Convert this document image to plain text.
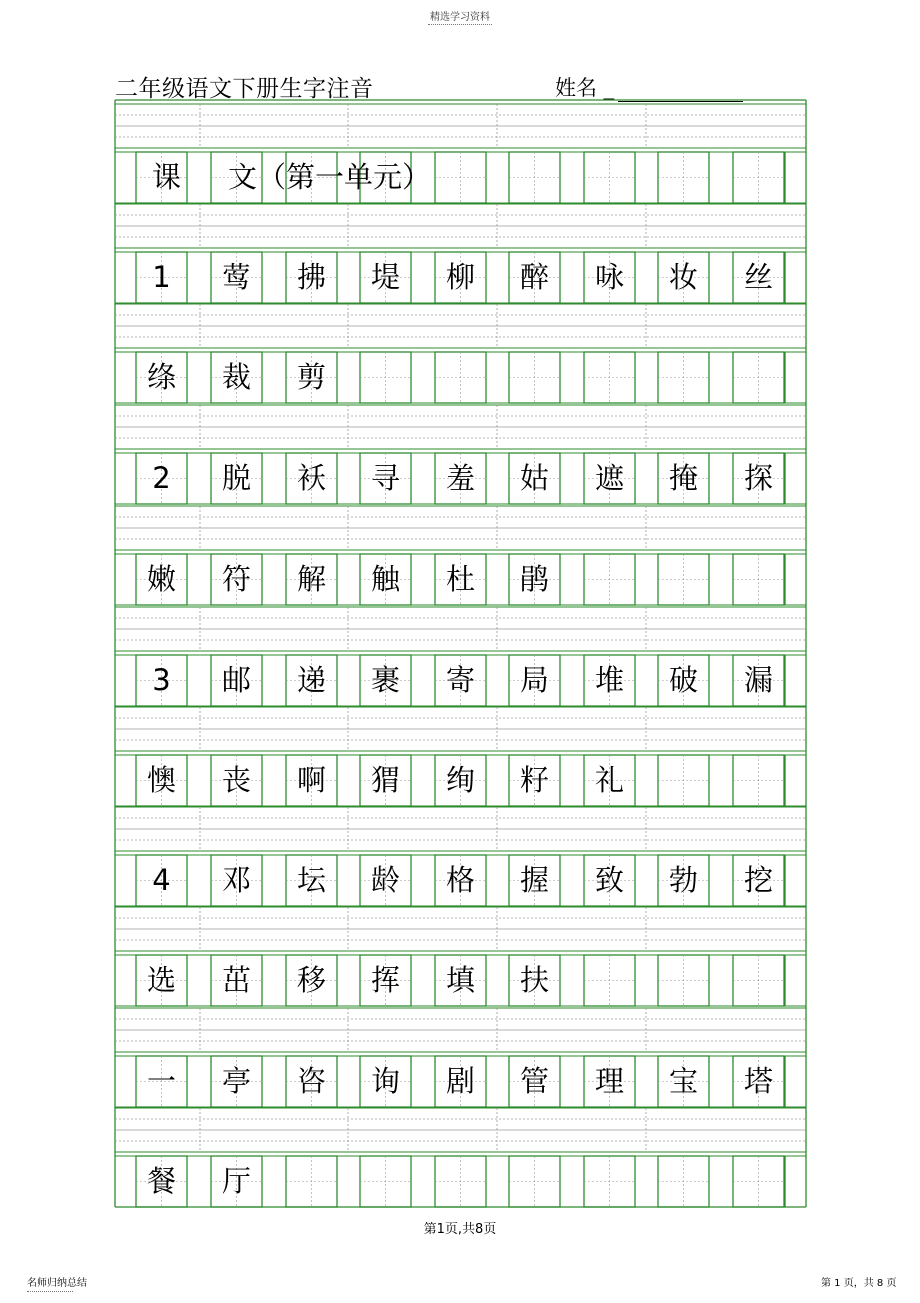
精选学习资料
二年级语文下册生字注音	姓名 _
课 文（第一单元）
1	莺	拂	堤	柳	醉	咏	妆	丝
绦	裁	剪
2	脱	袄	寻	羞	姑	遮	掩	探
嫩	符	解	触	杜	鹃
3	邮	递	裹	寄	局	堆	破	漏
懊	丧	啊	猬	绚	籽	礼
4	邓	坛	龄	格	握	致	勃	挖
选	茁	移	挥	填	扶
一	亭	咨	询	剧	管	理	宝	塔
餐	厅
第1页,共8页
名师归纳总结	第 1 页，共 8 页
